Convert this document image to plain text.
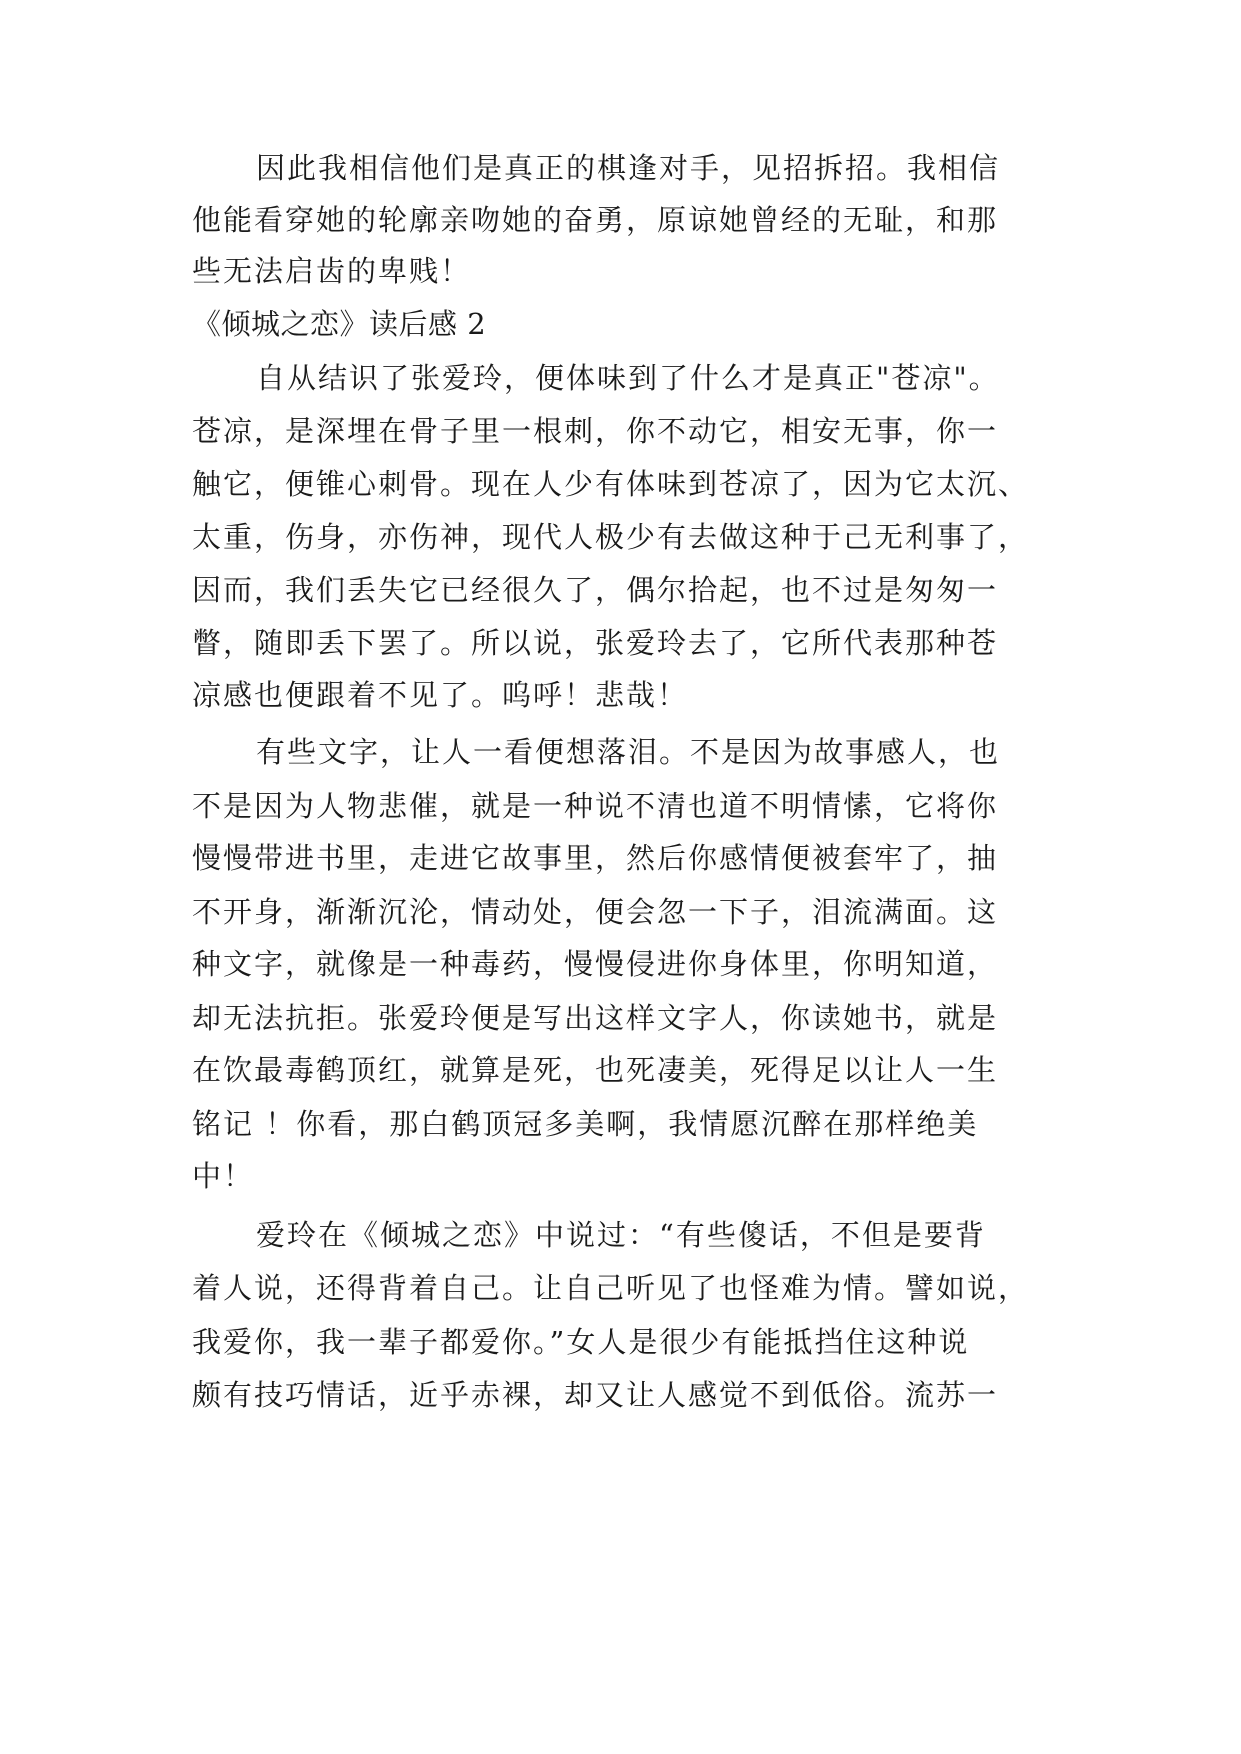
因此我相信他们是真正的棋逢对手，见招拆招。我相信
他能看穿她的轮廓亲吻她的奋勇，原谅她曾经的无耻，和那
些无法启齿的卑贱！
《倾城之恋》读后感 2
自从结识了张爱玲，便体味到了什么才是真正"苍凉"。
苍凉，是深埋在骨子里一根刺，你不动它，相安无事，你一
触它，便锥心刺骨。现在人少有体味到苍凉了，因为它太沉、
太重，伤身，亦伤神，现代人极少有去做这种于己无利事了，
因而，我们丢失它已经很久了，偶尔拾起，也不过是匆匆一
瞥，随即丢下罢了。所以说，张爱玲去了，它所代表那种苍
凉感也便跟着不见了。呜呼！悲哉！
有些文字，让人一看便想落泪。不是因为故事感人，也
不是因为人物悲催，就是一种说不清也道不明情愫，它将你
慢慢带进书里，走进它故事里，然后你感情便被套牢了，抽
不开身，渐渐沉沦，情动处，便会忽一下子，泪流满面。这
种文字，就像是一种毒药，慢慢侵进你身体里，你明知道，
却无法抗拒。张爱玲便是写出这样文字人，你读她书，就是
在饮最毒鹤顶红，就算是死，也死凄美，死得足以让人一生
铭记 ！你看，那白鹤顶冠多美啊，我情愿沉醉在那样绝美
中！
爱玲在《倾城之恋》中说过：“有些傻话，不但是要背
着人说，还得背着自己。让自己听见了也怪难为情。譬如说，
我爱你，我一辈子都爱你。”女人是很少有能抵挡住这种说
颇有技巧情话，近乎赤裸，却又让人感觉不到低俗。流苏一
